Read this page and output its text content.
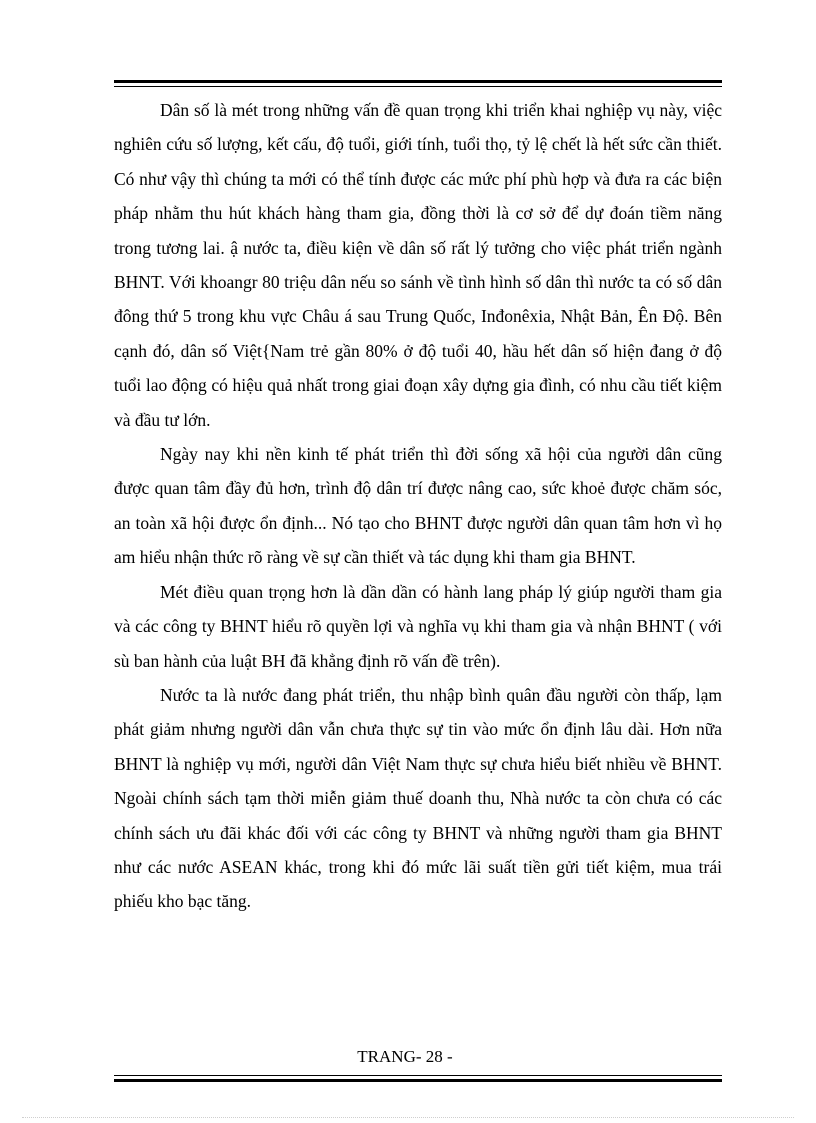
Dân số là mét trong những vấn đề quan trọng khi triển khai nghiệp vụ này, việc nghiên cứu số lượng, kết cấu, độ tuổi, giới tính, tuổi thọ, tỷ lệ chết là hết sức cần thiết. Có như vậy thì chúng ta mới có thể tính được các mức phí phù hợp và đưa ra các biện pháp nhằm thu hút khách hàng tham gia, đồng thời là cơ sở để dự đoán tiềm năng trong tương lai. ậ nước ta, điều kiện về dân số rất lý tưởng cho việc phát triển ngành BHNT. Với khoangr 80 triệu dân nếu so sánh về tình hình số dân thì nước ta có số dân đông thứ 5 trong khu vực Châu á sau Trung Quốc, Inđonêxia, Nhật Bản, Ên Độ. Bên cạnh đó, dân số Việt{Nam trẻ gần 80% ở độ tuổi 40, hầu hết dân số hiện đang ở độ tuổi lao động có hiệu quả nhất trong giai đoạn xây dựng gia đình, có nhu cầu tiết kiệm và đầu tư lớn.

Ngày nay khi nền kinh tế phát triển thì đời sống xã hội của người dân cũng được quan tâm đầy đủ hơn, trình độ dân trí được nâng cao, sức khoẻ được chăm sóc, an toàn xã hội được ổn định... Nó tạo cho BHNT được người dân quan tâm hơn vì họ am hiểu nhận thức rõ ràng về sự cần thiết và tác dụng khi tham gia BHNT.

Mét điều quan trọng hơn là dần dần có hành lang pháp lý giúp người tham gia và các công ty BHNT hiểu rõ quyền lợi và nghĩa vụ khi tham gia và nhận BHNT ( với sù ban hành của luật BH đã khẳng định rõ vấn đề trên).

Nước ta là nước đang phát triển, thu nhập bình quân đầu người còn thấp, lạm phát giảm nhưng người dân vẫn chưa thực sự tin vào mức ổn định lâu dài. Hơn nữa BHNT là nghiệp vụ mới, người dân Việt Nam thực sự chưa hiểu biết nhiều về BHNT. Ngoài chính sách tạm thời miễn giảm thuế doanh thu, Nhà nước ta còn chưa có các chính sách ưu đãi khác đối với các công ty BHNT và những người tham gia BHNT như các nước ASEAN khác, trong khi đó mức lãi suất tiền gửi tiết kiệm, mua trái phiếu kho bạc tăng.

TRANG- 28 -
